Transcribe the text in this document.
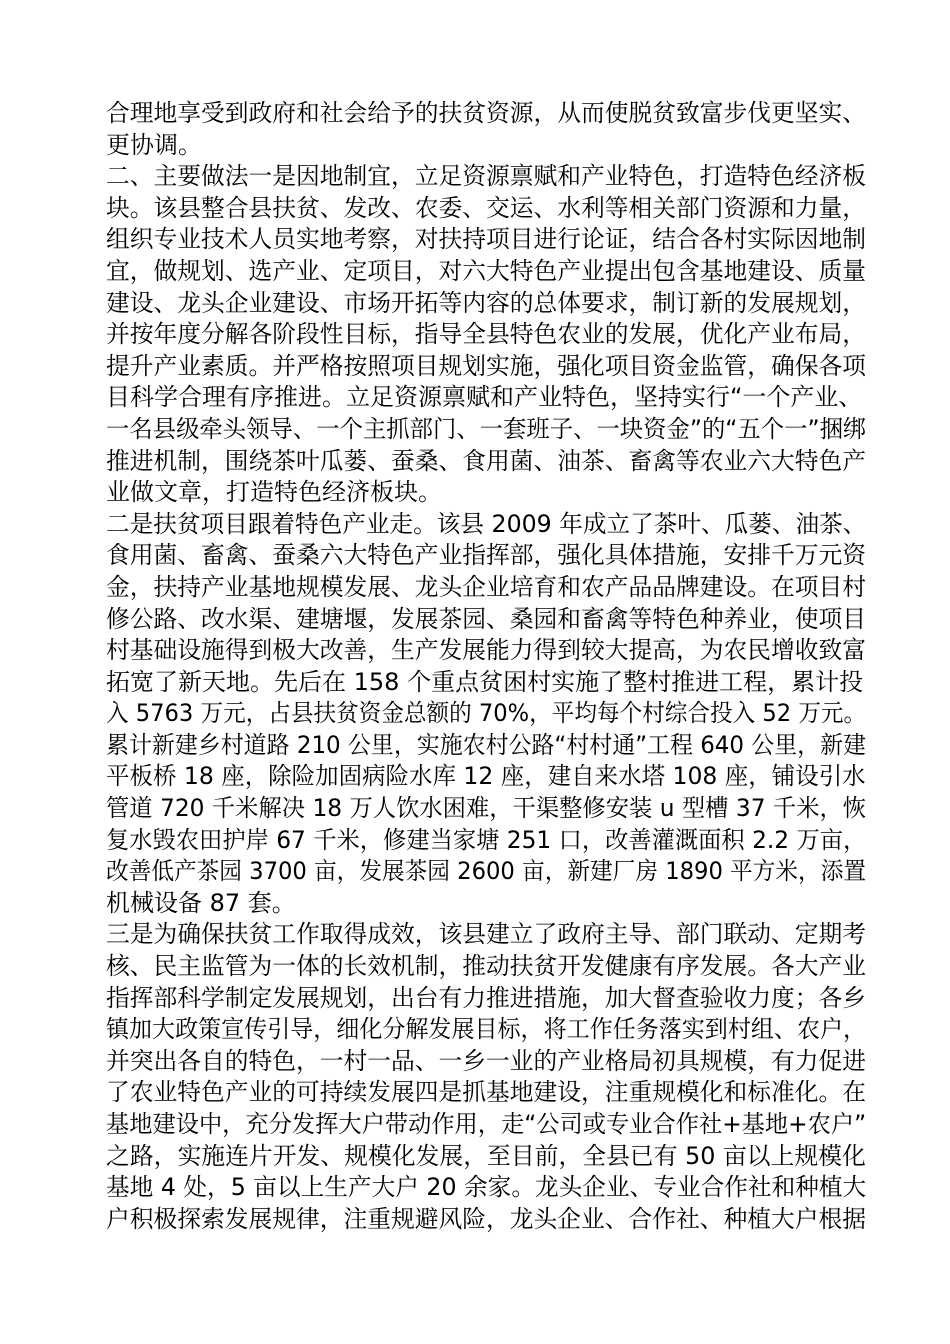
合理地享受到政府和社会给予的扶贫资源，从而使脱贫致富步伐更坚实、
更协调。
二、主要做法一是因地制宜，立足资源禀赋和产业特色，打造特色经济板
块。该县整合县扶贫、发改、农委、交运、水利等相关部门资源和力量，
组织专业技术人员实地考察，对扶持项目进行论证，结合各村实际因地制
宜，做规划、选产业、定项目，对六大特色产业提出包含基地建设、质量
建设、龙头企业建设、市场开拓等内容的总体要求，制订新的发展规划，
并按年度分解各阶段性目标，指导全县特色农业的发展，优化产业布局，
提升产业素质。并严格按照项目规划实施，强化项目资金监管，确保各项
目科学合理有序推进。立足资源禀赋和产业特色，坚持实行“一个产业、
一名县级牵头领导、一个主抓部门、一套班子、一块资金”的“五个一”捆绑
推进机制，围绕茶叶瓜蒌、蚕桑、食用菌、油茶、畜禽等农业六大特色产
业做文章，打造特色经济板块。
二是扶贫项目跟着特色产业走。该县 2009 年成立了茶叶、瓜蒌、油茶、
食用菌、畜禽、蚕桑六大特色产业指挥部，强化具体措施，安排千万元资
金，扶持产业基地规模发展、龙头企业培育和农产品品牌建设。在项目村
修公路、改水渠、建塘堰，发展茶园、桑园和畜禽等特色种养业，使项目
村基础设施得到极大改善，生产发展能力得到较大提高，为农民增收致富
拓宽了新天地。先后在 158 个重点贫困村实施了整村推进工程，累计投
入 5763 万元，占县扶贫资金总额的 70%，平均每个村综合投入 52 万元。
累计新建乡村道路 210 公里，实施农村公路“村村通”工程 640 公里，新建
平板桥 18 座，除险加固病险水库 12 座，建自来水塔 108 座，铺设引水
管道 720 千米解决 18 万人饮水困难，干渠整修安装 u 型槽 37 千米，恢
复水毁农田护岸 67 千米，修建当家塘 251 口，改善灌溉面积 2.2 万亩，
改善低产茶园 3700 亩，发展茶园 2600 亩，新建厂房 1890 平方米，添置
机械设备 87 套。
三是为确保扶贫工作取得成效，该县建立了政府主导、部门联动、定期考
核、民主监管为一体的长效机制，推动扶贫开发健康有序发展。各大产业
指挥部科学制定发展规划，出台有力推进措施，加大督查验收力度；各乡
镇加大政策宣传引导，细化分解发展目标，将工作任务落实到村组、农户，
并突出各自的特色，一村一品、一乡一业的产业格局初具规模，有力促进
了农业特色产业的可持续发展四是抓基地建设，注重规模化和标准化。在
基地建设中，充分发挥大户带动作用，走“公司或专业合作社+基地+农户”
之路，实施连片开发、规模化发展，至目前，全县已有 50 亩以上规模化
基地 4 处，5 亩以上生产大户 20 余家。龙头企业、专业合作社和种植大
户积极探索发展规律，注重规避风险，龙头企业、合作社、种植大户根据
